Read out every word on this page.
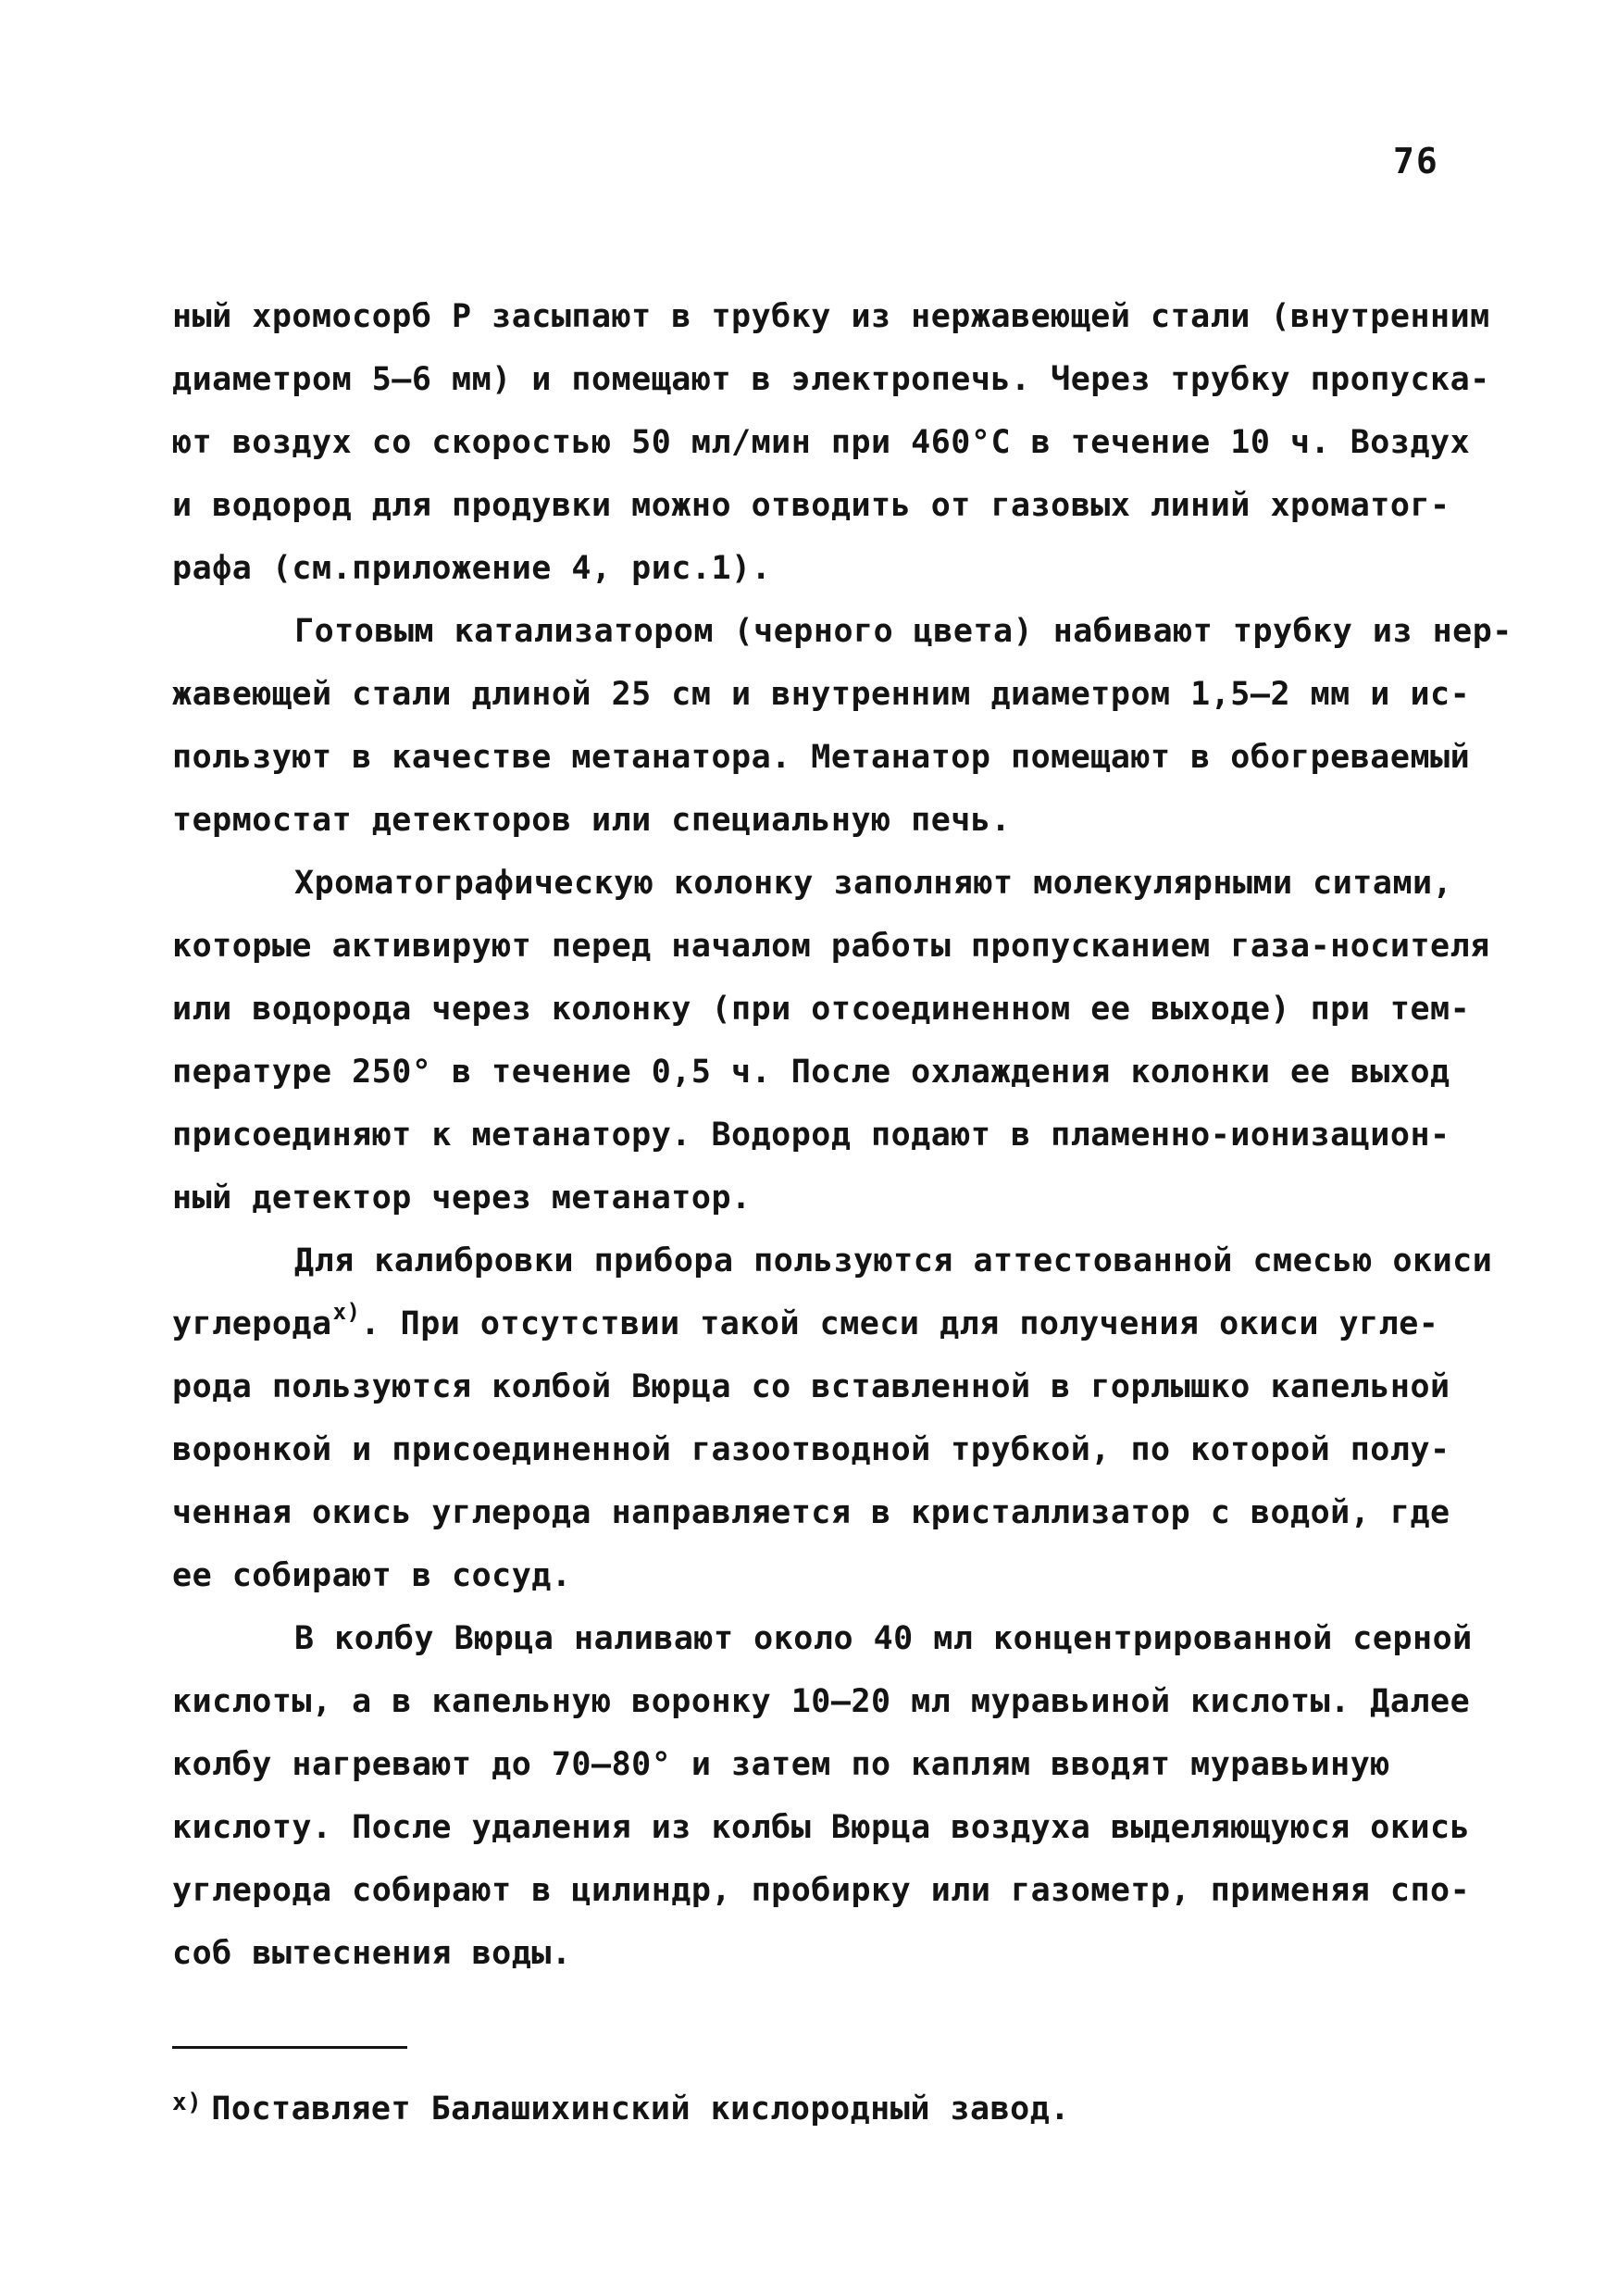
76
ный хромосорб Р засыпают в трубку из нержавеющей стали (внутренним
диаметром 5–6 мм) и помещают в электропечь. Через трубку пропуска-
ют воздух со скоростью 50 мл/мин при 460°С в течение 10 ч. Воздух
и водород для продувки можно отводить от газовых линий хроматог-
рафа (см.приложение 4, рис.1).
Готовым катализатором (черного цвета) набивают трубку из нер-
жавеющей стали длиной 25 см и внутренним диаметром 1,5–2 мм и ис-
пользуют в качестве метанатора. Метанатор помещают в обогреваемый
термостат детекторов или специальную печь.
Хроматографическую колонку заполняют молекулярными ситами,
которые активируют перед началом работы пропусканием газа-носителя
или водорода через колонку (при отсоединенном ее выходе) при тем-
пературе 250° в течение 0,5 ч. После охлаждения колонки ее выход
присоединяют к метанатору. Водород подают в пламенно-ионизацион-
ный детектор через метанатор.
Для калибровки прибора пользуются аттестованной смесью окиси
углерода$^{x)}$. При отсутствии такой смеси для получения окиси угле-
рода пользуются колбой Вюрца со вставленной в горлышко капельной
воронкой и присоединенной газоотводной трубкой, по которой полу-
ченная окись углерода направляется в кристаллизатор с водой, где
ее собирают в сосуд.
В колбу Вюрца наливают около 40 мл концентрированной серной
кислоты, а в капельную воронку 10–20 мл муравьиной кислоты. Далее
колбу нагревают до 70–80° и затем по каплям вводят муравьиную
кислоту. После удаления из колбы Вюрца воздуха выделяющуюся окись
углерода собирают в цилиндр, пробирку или газометр, применяя спо-
соб вытеснения воды.
$^{x)}$ Поставляет Балашихинский кислородный завод.
